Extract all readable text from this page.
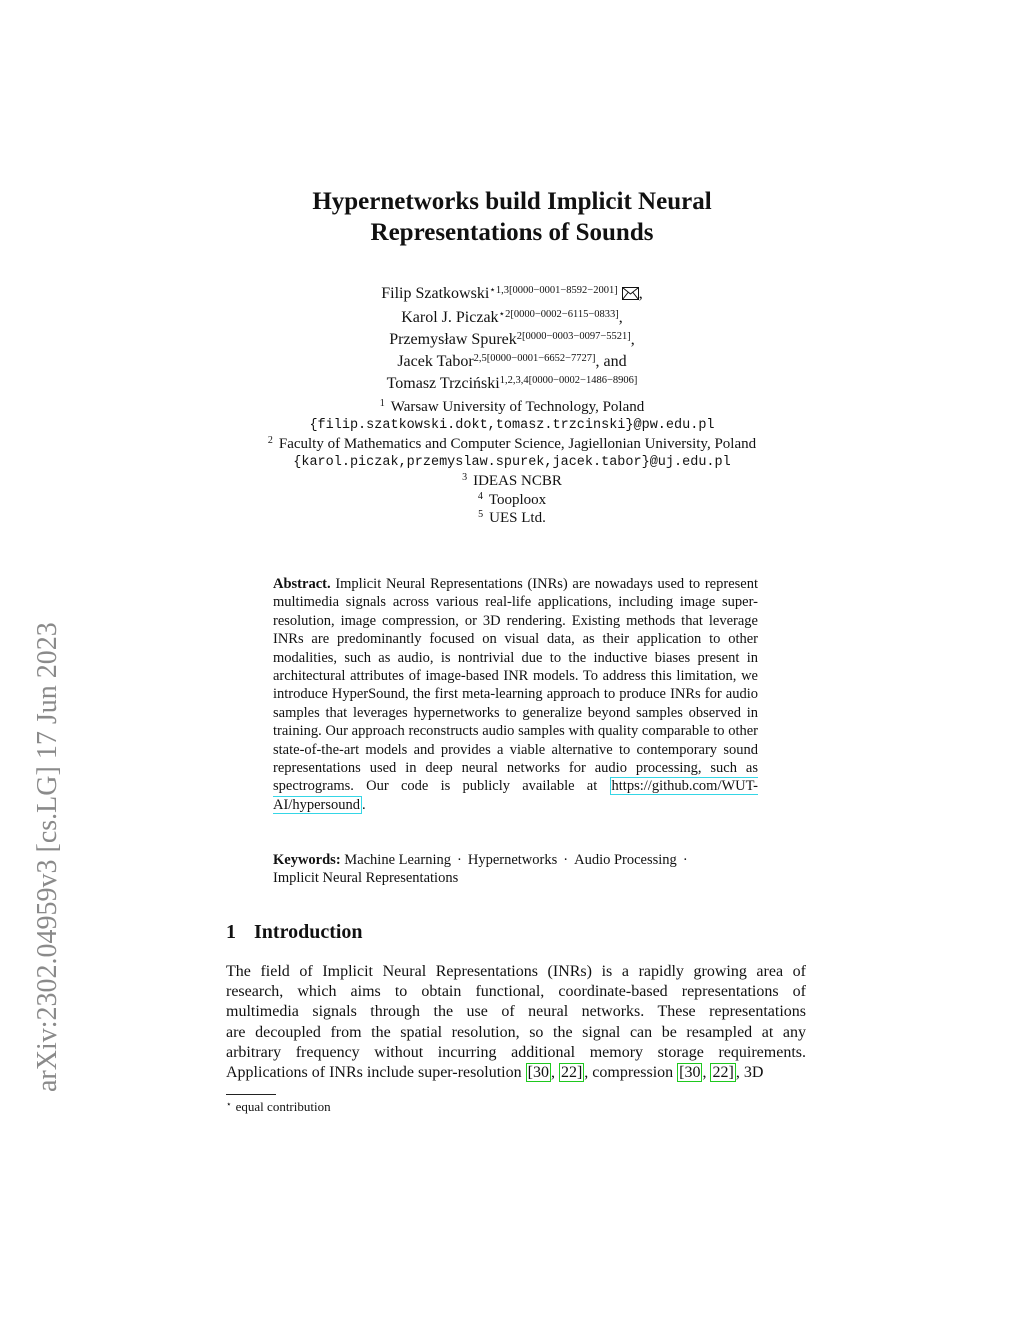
arXiv:2302.04959v3 [cs.LG] 17 Jun 2023
Hypernetworks build Implicit Neural
Representations of Sounds
Filip Szatkowski$^{⋆1,3[0000-0001-8592-2001]}$ ,
Karol J. Piczak$^{⋆2[0000-0002-6115-0833]}$,
Przemysław Spurek$^{2[0000-0003-0097-5521]}$,
Jacek Tabor$^{2,5[0000-0001-6652-7727]}$, and
Tomasz Trzciński$^{1,2,3,4[0000-0002-1486-8906]}$
$^1$ Warsaw University of Technology, Poland
{filip.szatkowski.dokt,tomasz.trzcinski}@pw.edu.pl
$^2$ Faculty of Mathematics and Computer Science, Jagiellonian University, Poland
{karol.piczak,przemyslaw.spurek,jacek.tabor}@uj.edu.pl
$^3$ IDEAS NCBR
$^4$ Tooploox
$^5$ UES Ltd.
Abstract. Implicit Neural Representations (INRs) are nowadays used to represent multimedia signals across various real-life applications, including image super-resolution, image compression, or 3D rendering. Existing methods that leverage INRs are predominantly focused on visual data, as their application to other modalities, such as audio, is nontrivial due to the inductive biases present in architectural attributes of image-based INR models. To address this limitation, we introduce HyperSound, the first meta-learning approach to produce INRs for audio samples that leverages hypernetworks to generalize beyond samples observed in training. Our approach reconstructs audio samples with quality comparable to other state-of-the-art models and provides a viable alternative to contemporary sound representations used in deep neural networks for audio processing, such as spectrograms. Our code is publicly available at https://github.com/WUT-AI/hypersound .
Keywords: Machine Learning · Hypernetworks · Audio Processing ·
Implicit Neural Representations
1 Introduction
The field of Implicit Neural Representations (INRs) is a rapidly growing area of
research, which aims to obtain functional, coordinate-based representations of
multimedia signals through the use of neural networks. These representations
are decoupled from the spatial resolution, so the signal can be resampled at any
arbitrary frequency without incurring additional memory storage requirements.
Applications of INRs include super-resolution [30 , 22] , compression [30 , 22] , 3D
⋆ equal contribution
